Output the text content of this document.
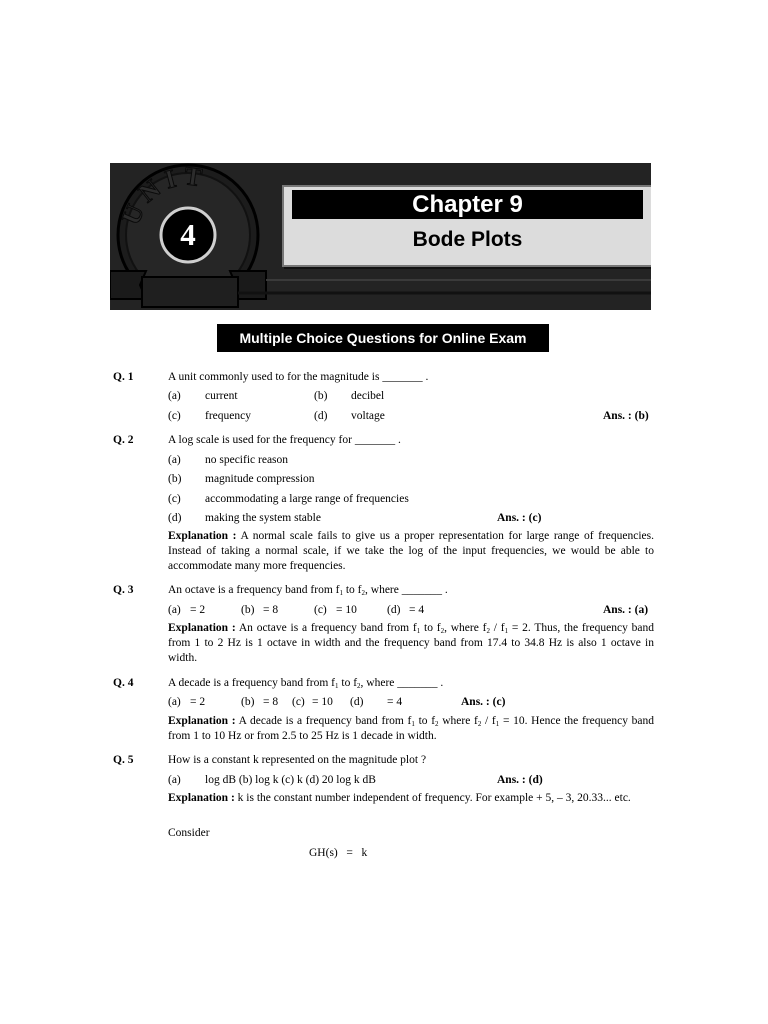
UNIT
4
Chapter 9
Bode Plots
Multiple Choice Questions for Online Exam
Q. 1	A unit commonly used to for the magnitude is _______ .
(a) current	(b) decibel
(c) frequency	(d) voltage	Ans. : (b)
Q. 2	A log scale is used for the frequency for _______ .
(a) no specific reason
(b) magnitude compression
(c) accommodating a large range of frequencies
(d) making the system stable	Ans. : (c)
Explanation : A normal scale fails to give us a proper representation for large range of frequencies. Instead of taking a normal scale, if we take the log of the input frequencies, we would be able to accommodate many more frequencies.
Q. 3	An octave is a frequency band from $f_1$ to $f_2$, where _______ .
(a) = 2	(b) = 8	(c) = 10	(d) = 4	Ans. : (a)
Explanation : An octave is a frequency band from $f_1$ to $f_2$, where $f_2 / f_1 = 2$. Thus, the frequency band from 1 to 2 Hz is 1 octave in width and the frequency band from 17.4 to 34.8 Hz is also 1 octave in width.
Q. 4	A decade is a frequency band from $f_1$ to $f_2$, where _______ .
(a) = 2	(b) = 8 (c) = 10 (d) = 4	Ans. : (c)
Explanation : A decade is a frequency band from $f_1$ to $f_2$ where $f_2 / f_1 = 10$. Hence the frequency band from 1 to 10 Hz or from 2.5 to 25 Hz is 1 decade in width.
Q. 5	How is a constant k represented on the magnitude plot ?
(a) log dB (b) log k (c) k (d) 20 log k dB	Ans. : (d)
Explanation : k is the constant number independent of frequency. For example + 5, – 3, 20.33... etc.
Consider
GH(s)   =   k
